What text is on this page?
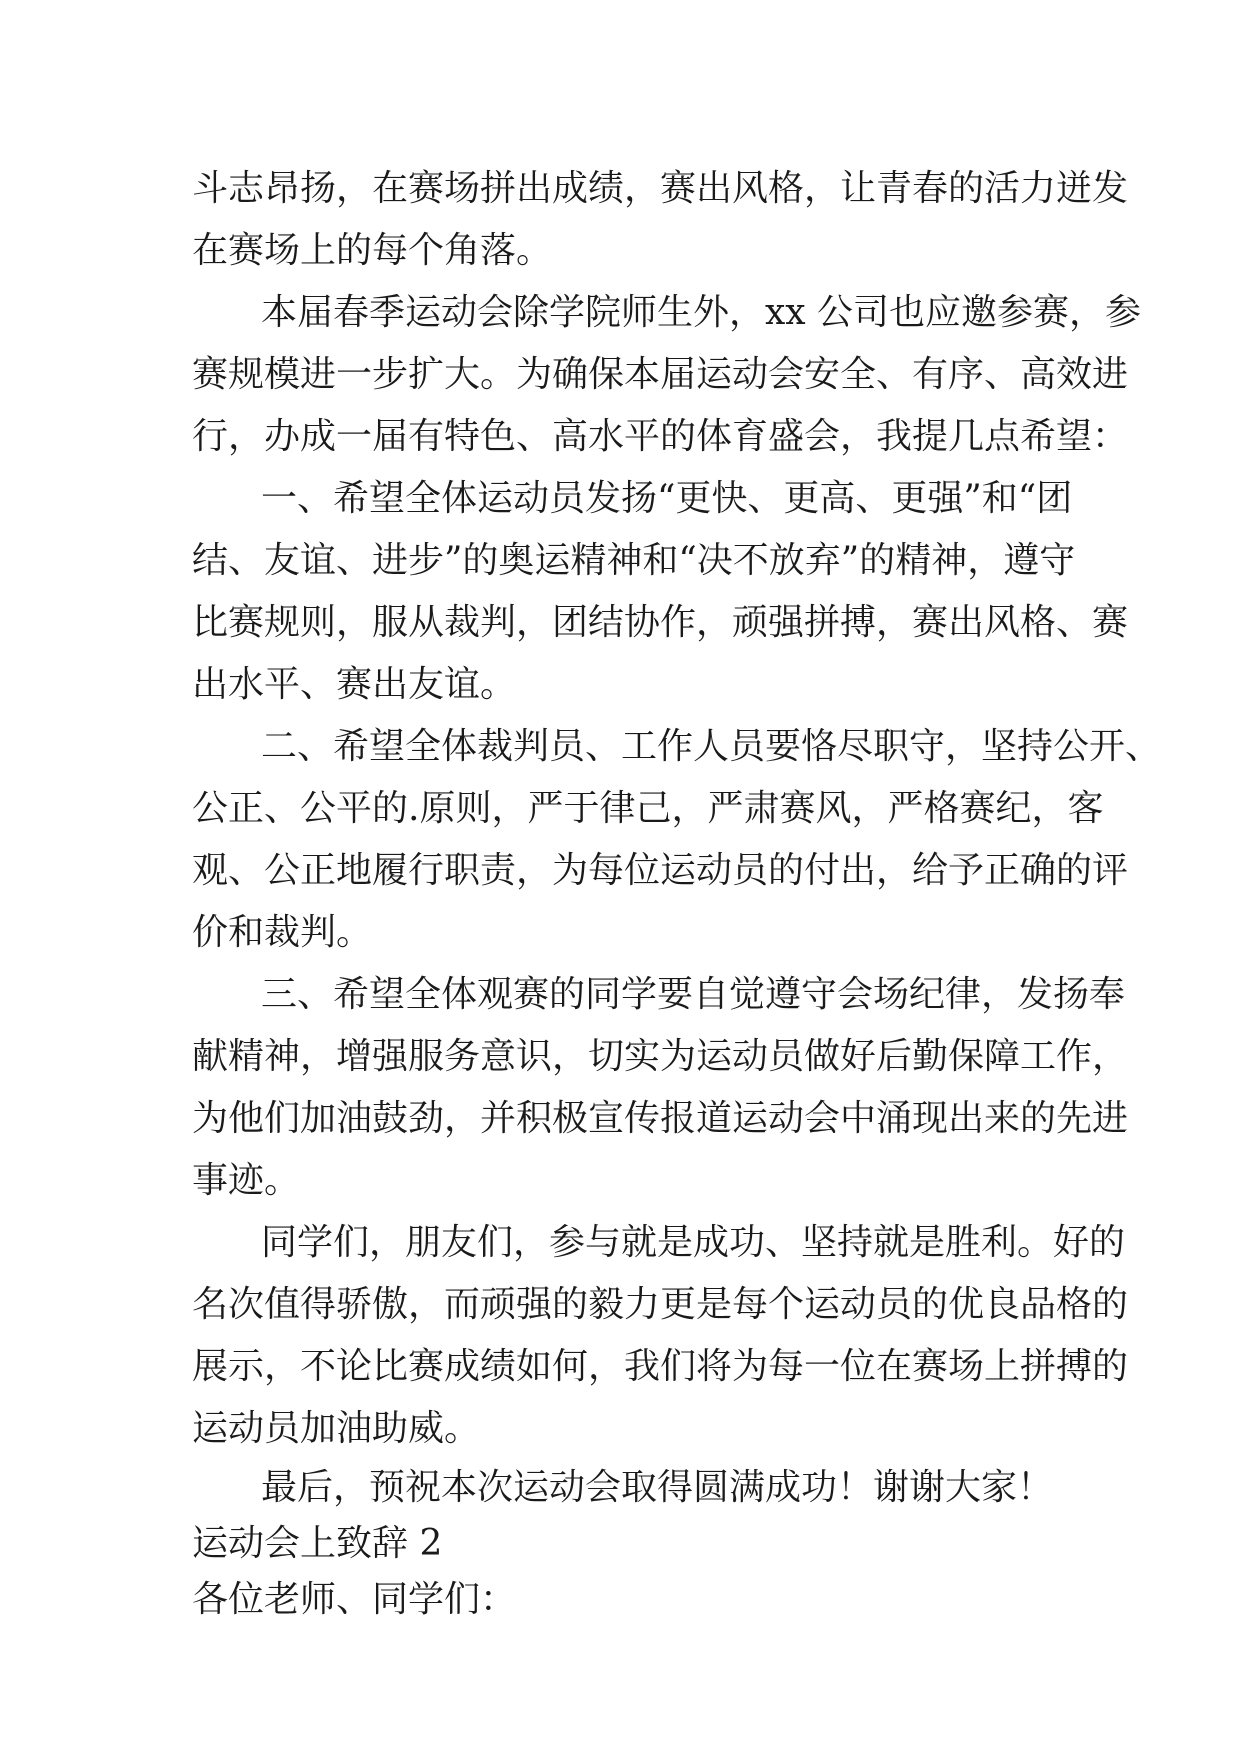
斗志昂扬，在赛场拼出成绩，赛出风格，让青春的活力迸发
在赛场上的每个角落。
本届春季运动会除学院师生外，xx 公司也应邀参赛，参
赛规模进一步扩大。为确保本届运动会安全、有序、高效进
行，办成一届有特色、高水平的体育盛会，我提几点希望：
一、希望全体运动员发扬“更快、更高、更强”和“团
结、友谊、进步”的奥运精神和“决不放弃”的精神，遵守
比赛规则，服从裁判，团结协作，顽强拼搏，赛出风格、赛
出水平、赛出友谊。
二、希望全体裁判员、工作人员要恪尽职守，坚持公开、
公正、公平的.原则，严于律己，严肃赛风，严格赛纪，客
观、公正地履行职责，为每位运动员的付出，给予正确的评
价和裁判。
三、希望全体观赛的同学要自觉遵守会场纪律，发扬奉
献精神，增强服务意识，切实为运动员做好后勤保障工作，
为他们加油鼓劲，并积极宣传报道运动会中涌现出来的先进
事迹。
同学们，朋友们，参与就是成功、坚持就是胜利。好的
名次值得骄傲，而顽强的毅力更是每个运动员的优良品格的
展示，不论比赛成绩如何，我们将为每一位在赛场上拼搏的
运动员加油助威。
最后，预祝本次运动会取得圆满成功！谢谢大家！
运动会上致辞 2
各位老师、同学们：
